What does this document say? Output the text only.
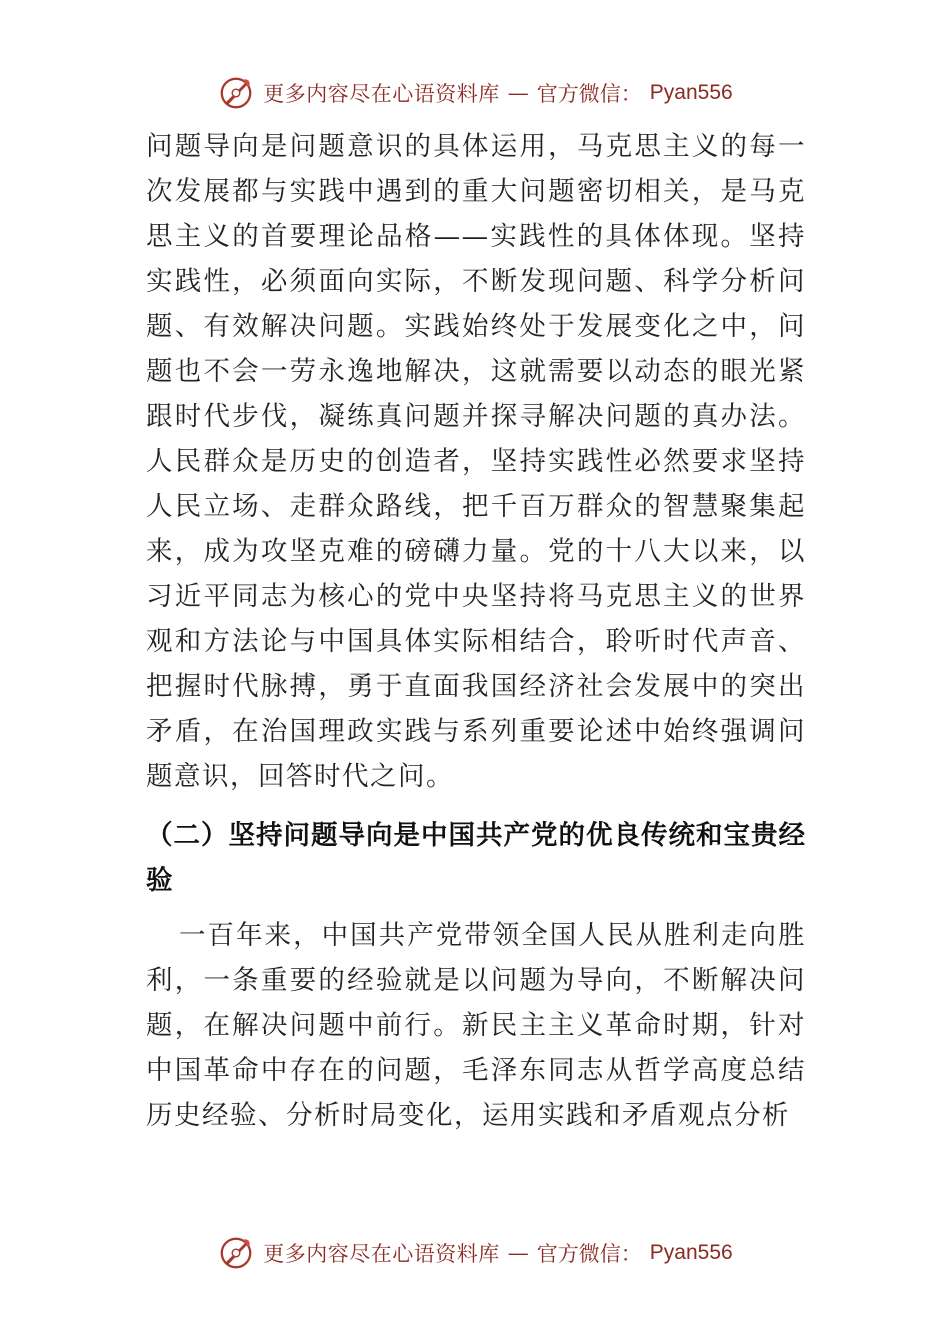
更多内容尽在心语资料库 — 官方微信： Pyan556

问题导向是问题意识的具体运用，马克思主义的每一次发展都与实践中遇到的重大问题密切相关，是马克思主义的首要理论品格——实践性的具体体现。坚持实践性，必须面向实际，不断发现问题、科学分析问题、有效解决问题。实践始终处于发展变化之中，问题也不会一劳永逸地解决，这就需要以动态的眼光紧跟时代步伐，凝练真问题并探寻解决问题的真办法。人民群众是历史的创造者，坚持实践性必然要求坚持人民立场、走群众路线，把千百万群众的智慧聚集起来，成为攻坚克难的磅礴力量。党的十八大以来，以习近平同志为核心的党中央坚持将马克思主义的世界观和方法论与中国具体实际相结合，聆听时代声音、把握时代脉搏，勇于直面我国经济社会发展中的突出矛盾，在治国理政实践与系列重要论述中始终强调问题意识，回答时代之问。

（二）坚持问题导向是中国共产党的优良传统和宝贵经验

一百年来，中国共产党带领全国人民从胜利走向胜利，一条重要的经验就是以问题为导向，不断解决问题，在解决问题中前行。新民主主义革命时期，针对中国革命中存在的问题，毛泽东同志从哲学高度总结历史经验、分析时局变化，运用实践和矛盾观点分析

更多内容尽在心语资料库 — 官方微信： Pyan556
